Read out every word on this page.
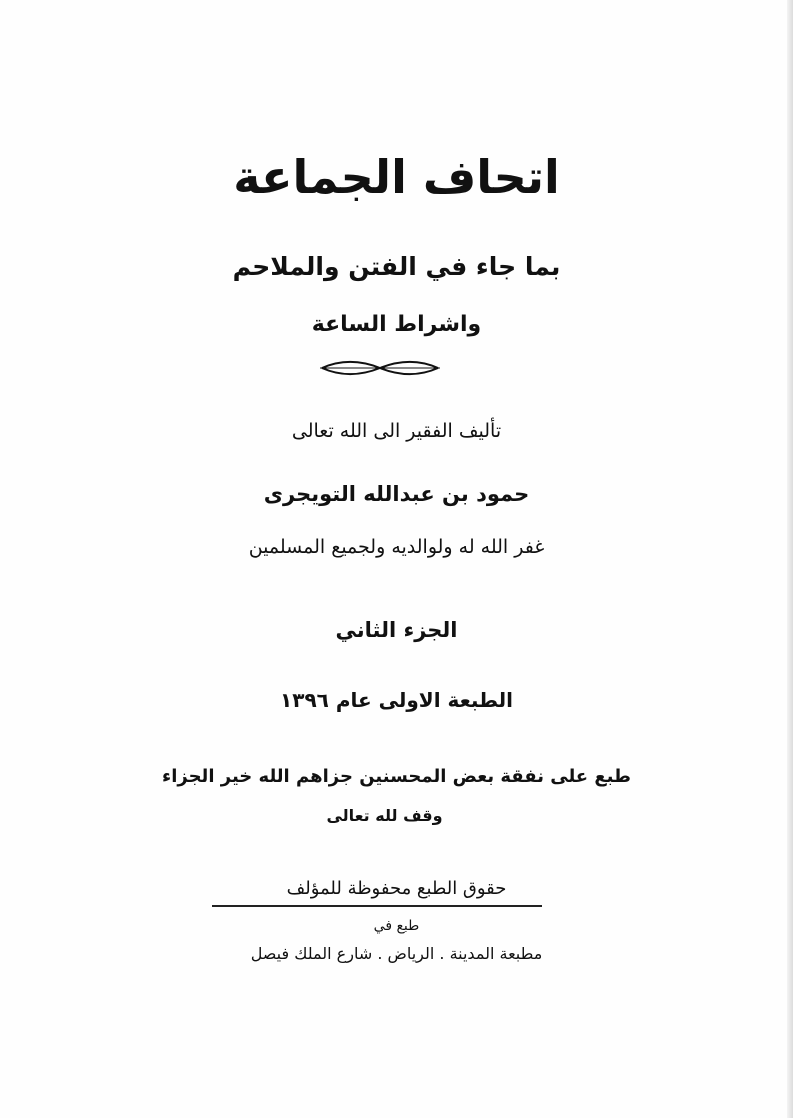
اتحاف الجماعة
بما جاء في الفتن والملاحم
واشراط الساعة
تأليف الفقير الى الله تعالى
حمود بن عبدالله التويجرى
غفر الله له ولوالديه ولجميع المسلمين
الجزء الثاني
الطبعة الاولى عام ١٣٩٦
طبع على نفقة بعض المحسنين جزاهم الله خير الجزاء
وقف لله تعالى
حقوق الطبع محفوظة للمؤلف
طبع في
مطبعة المدينة . الرياض . شارع الملك فيصل
